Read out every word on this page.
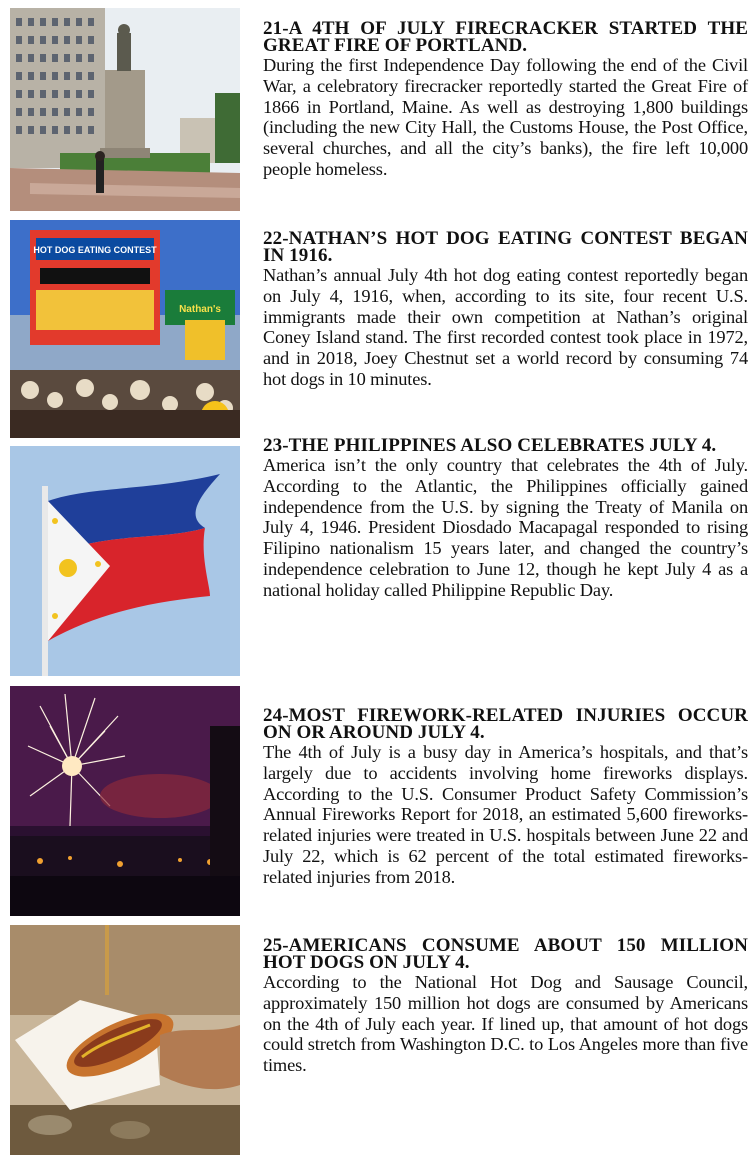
21-A 4TH OF JULY FIRECRACKER STARTED THE GREAT FIRE OF PORTLAND.

During the first Independence Day following the end of the Civil War, a celebratory firecracker reportedly started the Great Fire of 1866 in Portland, Maine. As well as destroying 1,800 buildings (including the new City Hall, the Customs House, the Post Office, several churches, and all the city’s banks), the fire left 10,000 people homeless.

HOT DOG EATING CONTEST
Nathan's
22-NATHAN’S HOT DOG EATING CONTEST BEGAN IN 1916.

Nathan’s annual July 4th hot dog eating contest reportedly began on July 4, 1916, when, according to its site, four recent U.S. immigrants made their own competition at Nathan’s original Coney Island stand. The first recorded contest took place in 1972, and in 2018, Joey Chestnut set a world record by consuming 74 hot dogs in 10 minutes.

23-THE PHILIPPINES ALSO CELEBRATES JULY 4.

America isn’t the only country that celebrates the 4th of July. According to the Atlantic, the Philippines officially gained independence from the U.S. by signing the Treaty of Manila on July 4, 1946. President Diosdado Macapagal responded to rising Filipino nationalism 15 years later, and changed the country’s independence celebration to June 12, though he kept July 4 as a national holiday called Philippine Republic Day.

24-MOST FIREWORK-RELATED INJURIES OCCUR ON OR AROUND JULY 4.

The 4th of July is a busy day in America’s hospitals, and that’s largely due to accidents involving home fireworks displays. According to the U.S. Consumer Product Safety Commission’s Annual Fireworks Report for 2018, an estimated 5,600 fireworks-related injuries were treated in U.S. hospitals between June 22 and July 22, which is 62 percent of the total estimated fireworks-related injuries from 2018.

25-AMERICANS CONSUME ABOUT 150 MILLION HOT DOGS ON JULY 4.

According to the National Hot Dog and Sausage Council, approximately 150 million hot dogs are consumed by Americans on the 4th of July each year. If lined up, that amount of hot dogs could stretch from Washington D.C. to Los Angeles more than five times.
